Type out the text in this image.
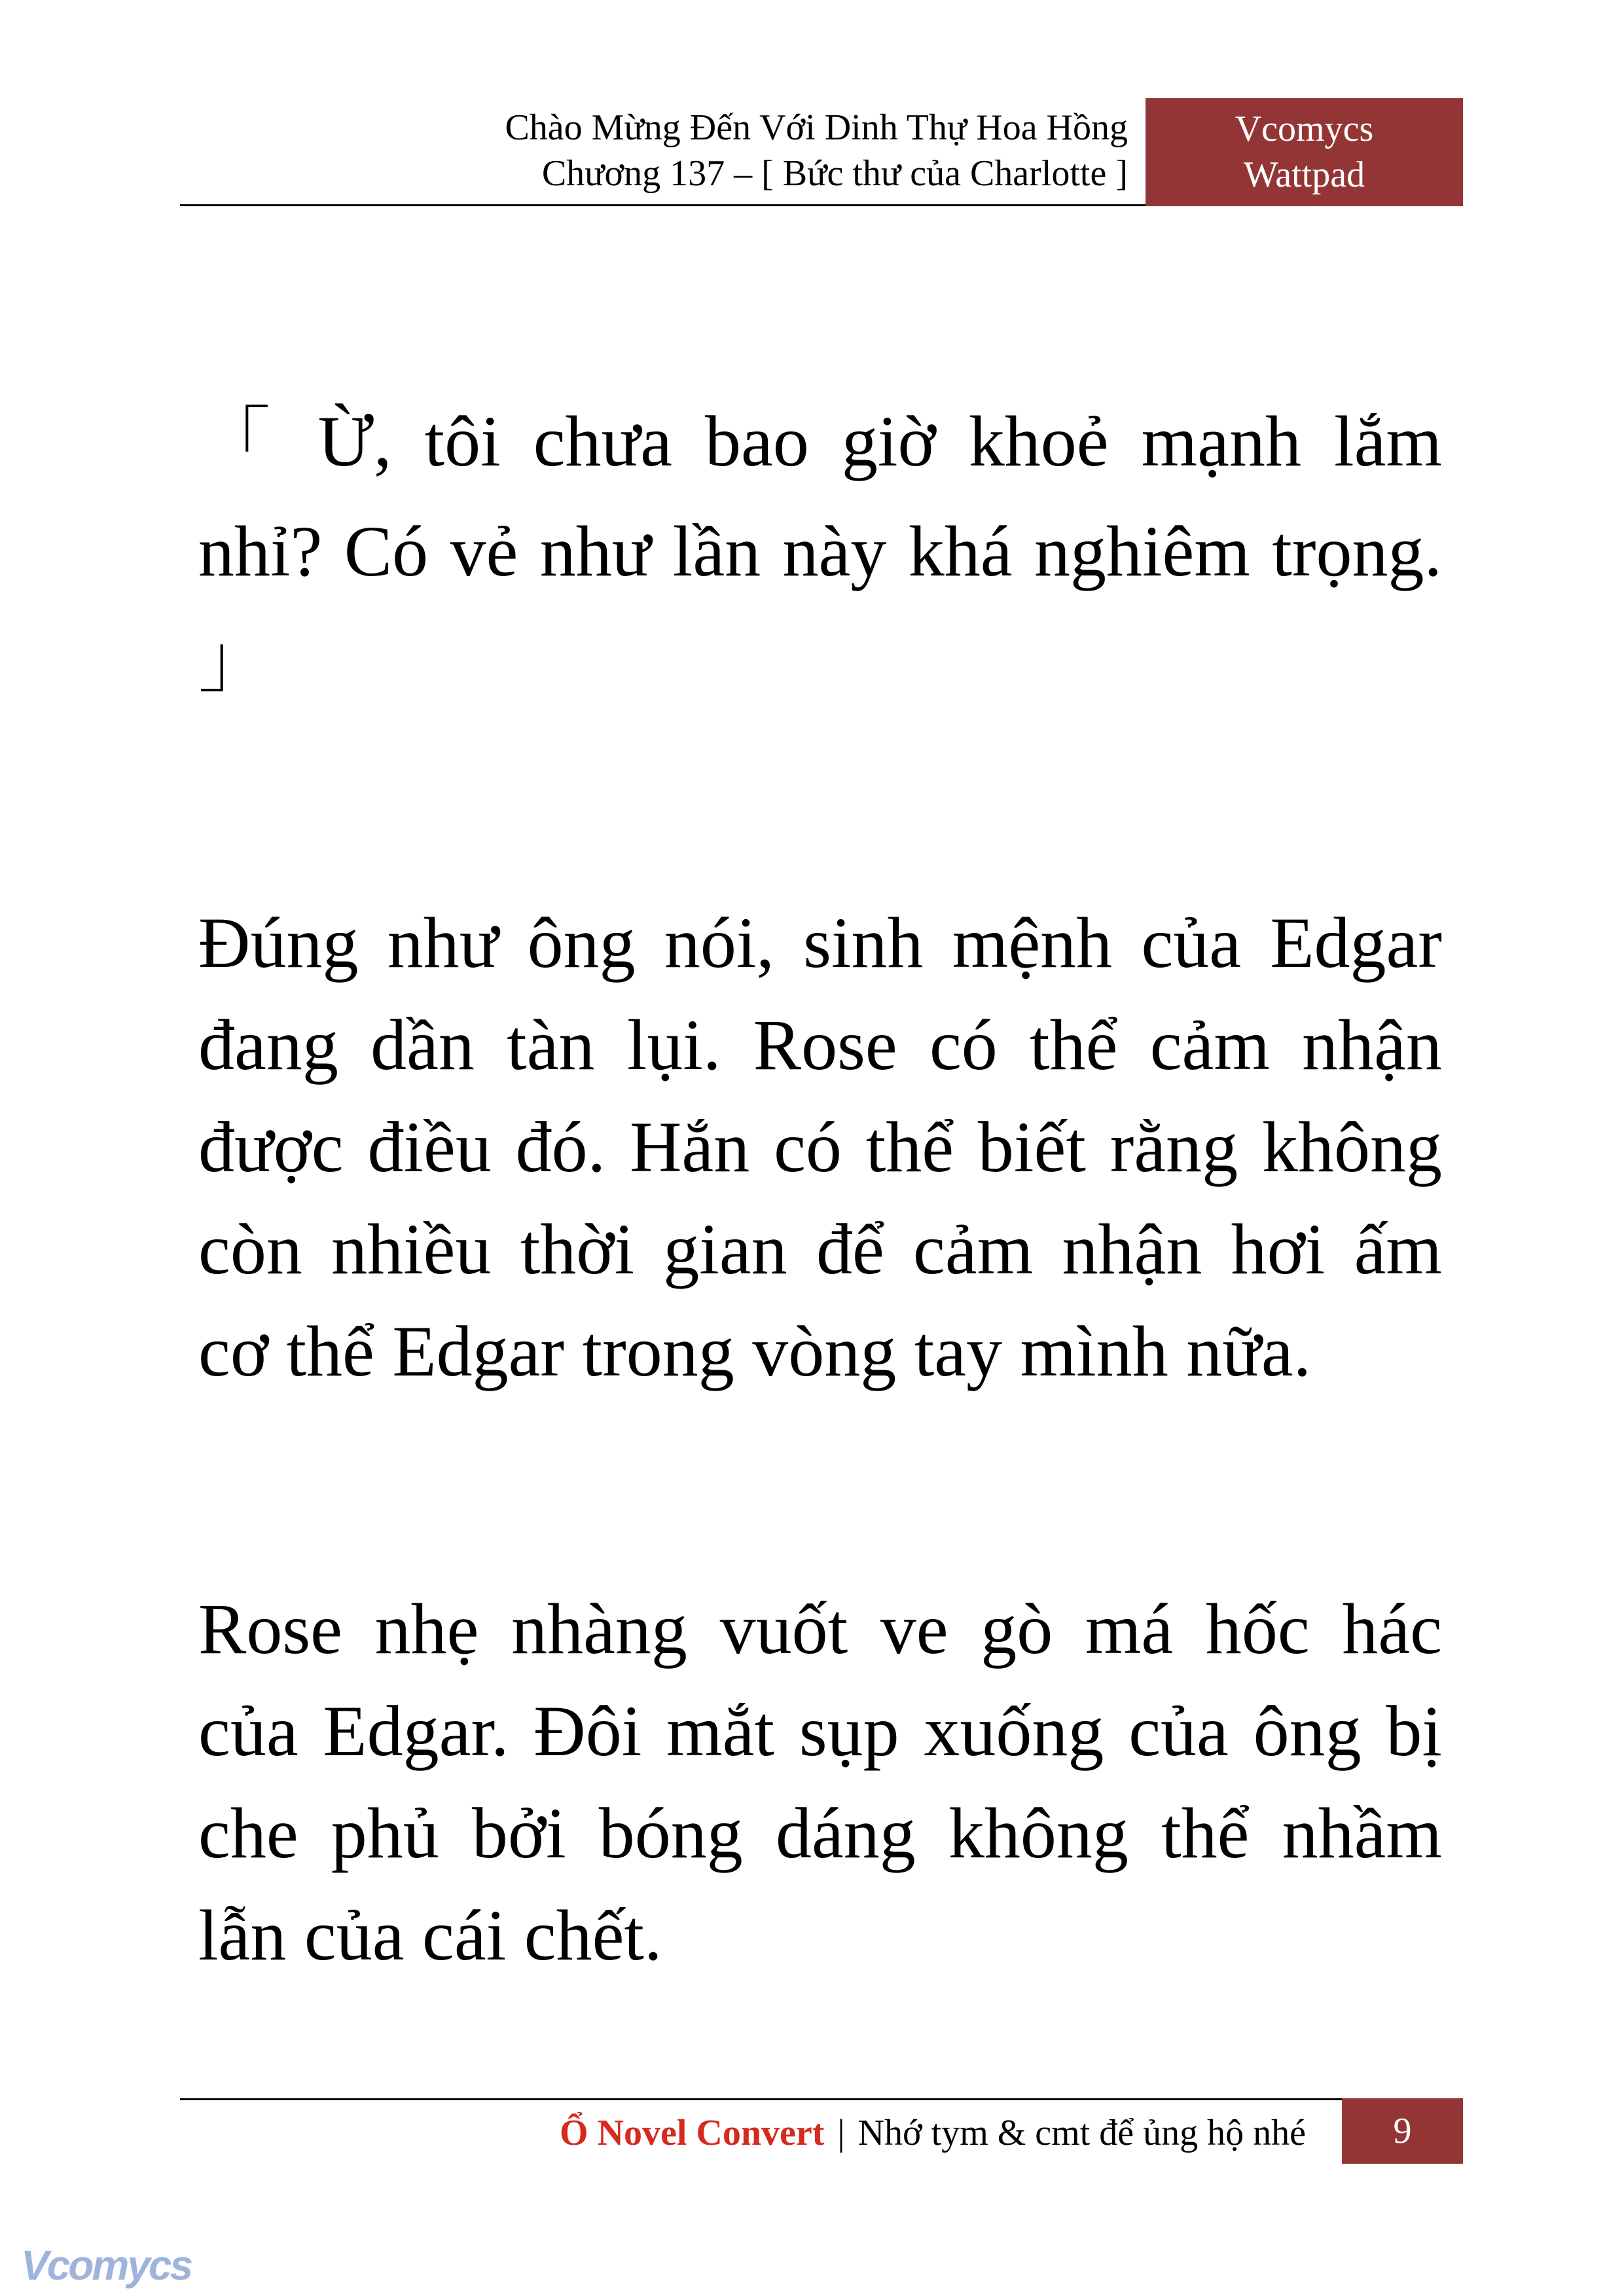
Chào Mừng Đến Với Dinh Thự Hoa Hồng
Chương 137 – [ Bức thư của Charlotte ]
Vcomycs
Wattpad

「 Ừ, tôi chưa bao giờ khoẻ mạnh lắm nhỉ? Có vẻ như lần này khá nghiêm trọng. 」

Đúng như ông nói, sinh mệnh của Edgar đang dần tàn lụi. Rose có thể cảm nhận được điều đó. Hắn có thể biết rằng không còn nhiều thời gian để cảm nhận hơi ấm cơ thể Edgar trong vòng tay mình nữa.

Rose nhẹ nhàng vuốt ve gò má hốc hác của Edgar. Đôi mắt sụp xuống của ông bị che phủ bởi bóng dáng không thể nhầm lẫn của cái chết.

Ổ Novel Convert | Nhớ tym & cmt để ủng hộ nhé	9
Vcomycs
